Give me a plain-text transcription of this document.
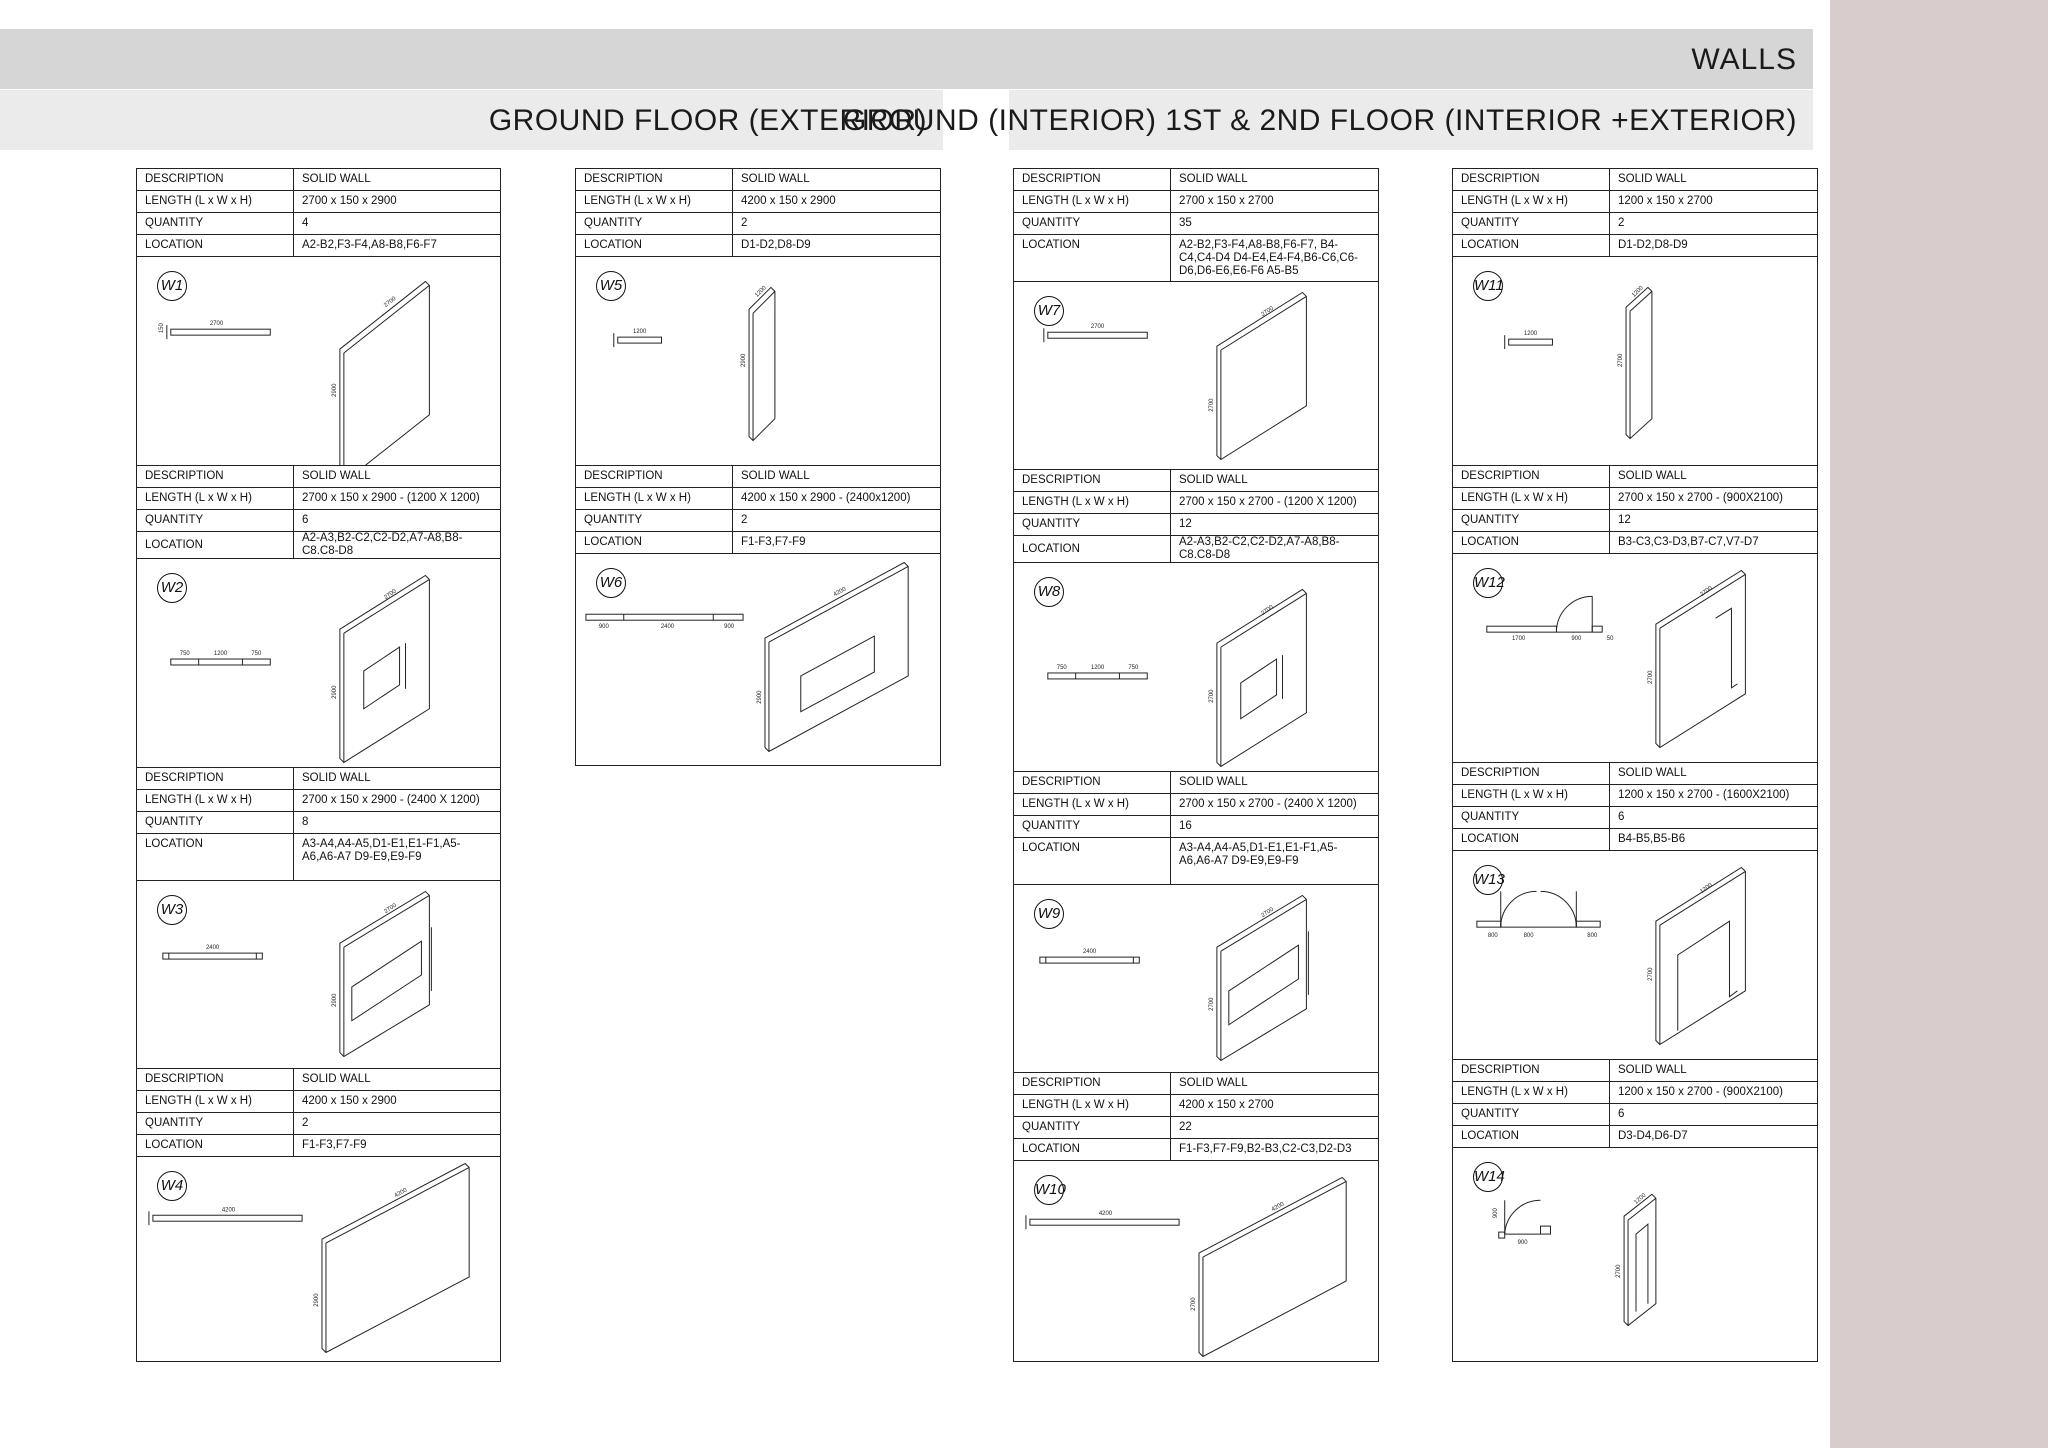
WALLS
GROUND FLOOR (EXTERIOR)
GROUND (INTERIOR) 1ST & 2ND FLOOR (INTERIOR +EXTERIOR)
DESCRIPTION	SOLID WALL
LENGTH (L x W x H)	2700 x 150 x 2900
QUANTITY	4
LOCATION	A2-B2,F3-F4,A8-B8,F6-F7
2700
150
2700
2900
W1
DESCRIPTION	SOLID WALL
LENGTH (L x W x H)	2700 x 150 x 2900 - (1200 X 1200)
QUANTITY	6
LOCATION	A2-A3,B2-C2,C2-D2,A7-A8,B8-C8.C8-D8
750	1200	750
2700
2900
W2
DESCRIPTION	SOLID WALL
LENGTH (L x W x H)	2700 x 150 x 2900 - (2400 X 1200)
QUANTITY	8
LOCATION	A3-A4,A4-A5,D1-E1,E1-F1,A5-A6,A6-A7 D9-E9,E9-F9
2400
2700
2900
W3
DESCRIPTION	SOLID WALL
LENGTH (L x W x H)	4200 x 150 x 2900
QUANTITY	2
LOCATION	F1-F3,F7-F9
4200
4200
2900
W4
DESCRIPTION	SOLID WALL
LENGTH (L x W x H)	4200 x 150 x 2900
QUANTITY	2
LOCATION	D1-D2,D8-D9
1200
1200
2900
W5
DESCRIPTION	SOLID WALL
LENGTH (L x W x H)	4200 x 150 x 2900 - (2400x1200)
QUANTITY	2
LOCATION	F1-F3,F7-F9
900	2400	900
4200
2900
W6
DESCRIPTION	SOLID WALL
LENGTH (L x W x H)	2700 x 150 x 2700
QUANTITY	35
LOCATION	A2-B2,F3-F4,A8-B8,F6-F7, B4-C4,C4-D4 D4-E4,E4-F4,B6-C6,C6-D6,D6-E6,E6-F6 A5-B5
2700
2700
2700
W7
DESCRIPTION	SOLID WALL
LENGTH (L x W x H)	2700 x 150 x 2700 - (1200 X 1200)
QUANTITY	12
LOCATION	A2-A3,B2-C2,C2-D2,A7-A8,B8-C8.C8-D8
750	1200	750
2700
2700
W8
DESCRIPTION	SOLID WALL
LENGTH (L x W x H)	2700 x 150 x 2700 - (2400 X 1200)
QUANTITY	16
LOCATION	A3-A4,A4-A5,D1-E1,E1-F1,A5-A6,A6-A7 D9-E9,E9-F9
2400
2700
2700
W9
DESCRIPTION	SOLID WALL
LENGTH (L x W x H)	4200 x 150 x 2700
QUANTITY	22
LOCATION	F1-F3,F7-F9,B2-B3,C2-C3,D2-D3
4200
4200
2700
W10
DESCRIPTION	SOLID WALL
LENGTH (L x W x H)	1200 x 150 x 2700
QUANTITY	2
LOCATION	D1-D2,D8-D9
1200
1200
2700
W11
DESCRIPTION	SOLID WALL
LENGTH (L x W x H)	2700 x 150 x 2700 - (900X2100)
QUANTITY	12
LOCATION	B3-C3,C3-D3,B7-C7,V7-D7
1700	900	50
2700
2700
W12
DESCRIPTION	SOLID WALL
LENGTH (L x W x H)	1200 x 150 x 2700 - (1600X2100)
QUANTITY	6
LOCATION	B4-B5,B5-B6
800	800	800
1200
2700
W13
DESCRIPTION	SOLID WALL
LENGTH (L x W x H)	1200 x 150 x 2700 - (900X2100)
QUANTITY	6
LOCATION	D3-D4,D6-D7
900
900
1200
2700
W14
